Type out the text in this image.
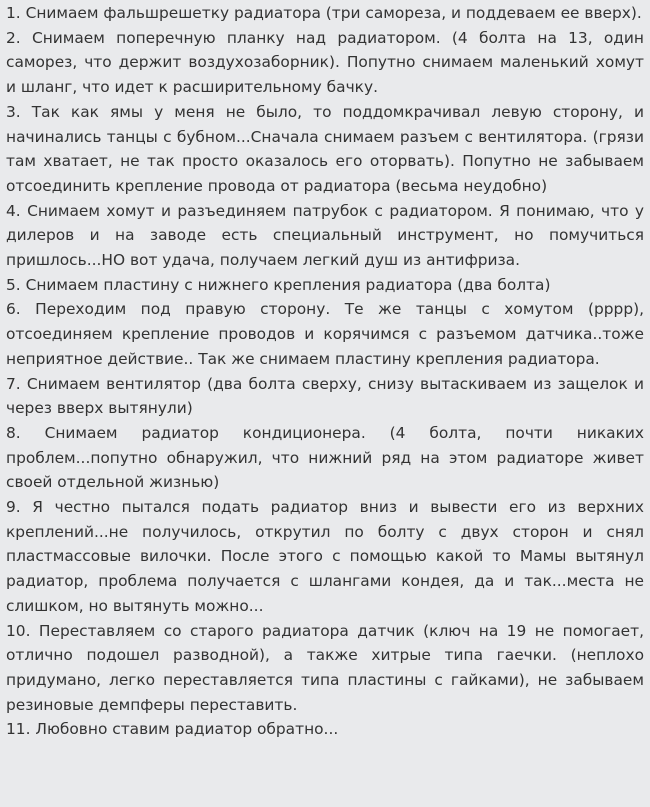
1. Снимаем фальшрешетку радиатора (три самореза, и поддеваем ее вверх).

2. Снимаем поперечную планку над радиатором. (4 болта на 13, один саморез, что держит воздухозаборник). Попутно снимаем маленький хомут и шланг, что идет к расширительному бачку.

3. Так как ямы у меня не было, то поддомкрачивал левую сторону, и начинались танцы с бубном...Сначала снимаем разъем с вентилятора. (грязи там хватает, не так просто оказалось его оторвать). Попутно не забываем отсоединить крепление провода от радиатора (весьма неудобно)

4. Снимаем хомут и разъединяем патрубок с радиатором. Я понимаю, что у дилеров и на заводе есть специальный инструмент, но помучиться пришлось...НО вот удача, получаем легкий душ из антифриза.

5. Снимаем пластину с нижнего крепления радиатора (два болта)

6. Переходим под правую сторону. Те же танцы с хомутом (рррр), отсоединяем крепление проводов и корячимся с разъемом датчика..тоже неприятное действие.. Так же снимаем пластину крепления радиатора.

7. Снимаем вентилятор (два болта сверху, снизу вытаскиваем из защелок и через вверх вытянули)

8. Снимаем радиатор кондиционера. (4 болта, почти никаких проблем...попутно обнаружил, что нижний ряд на этом радиаторе живет своей отдельной жизнью)

9. Я честно пытался подать радиатор вниз и вывести его из верхних креплений...не получилось, открутил по болту с двух сторон и снял пластмассовые вилочки. После этого с помощью какой то Мамы вытянул радиатор, проблема получается с шлангами кондея, да и так...места не слишком, но вытянуть можно...

10. Переставляем со старого радиатора датчик (ключ на 19 не помогает, отлично подошел разводной), а также хитрые типа гаечки. (неплохо придумано, легко переставляется типа пластины с гайками), не забываем резиновые демпферы переставить.

11. Любовно ставим радиатор обратно...
